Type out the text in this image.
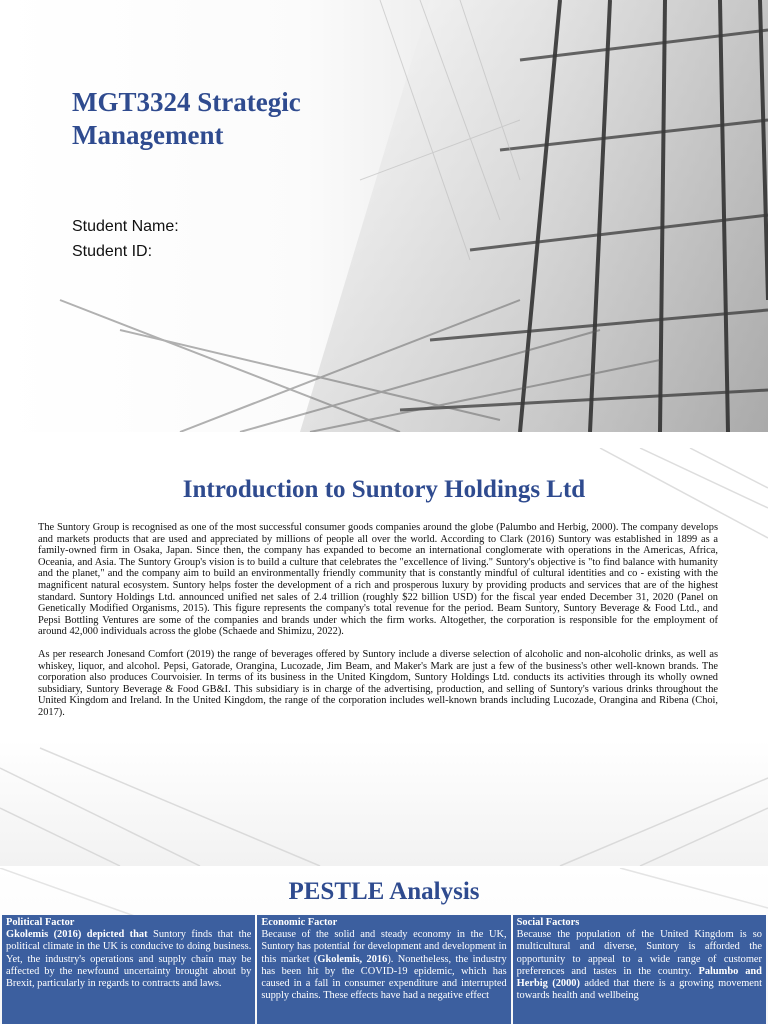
MGT3324 Strategic Management
Student Name:
Student ID:
Introduction to Suntory Holdings Ltd

The Suntory Group is recognised as one of the most successful consumer goods companies around the globe (Palumbo and Herbig, 2000). The company develops and markets products that are used and appreciated by millions of people all over the world. According to Clark (2016) Suntory was established in 1899 as a family-owned firm in Osaka, Japan. Since then, the company has expanded to become an international conglomerate with operations in the Americas, Africa, Oceania, and Asia. The Suntory Group's vision is to build a culture that celebrates the "excellence of living." Suntory's objective is "to find balance with humanity and the planet," and the company aim to build an environmentally friendly community that is constantly mindful of cultural identities and co - existing with the magnificent natural ecosystem. Suntory helps foster the development of a rich and prosperous luxury by providing products and services that are of the highest standard. Suntory Holdings Ltd. announced unified net sales of 2.4 trillion (roughly $22 billion USD) for the fiscal year ended December 31, 2020 (Panel on Genetically Modified Organisms, 2015). This figure represents the company's total revenue for the period. Beam Suntory, Suntory Beverage & Food Ltd., and Pepsi Bottling Ventures are some of the companies and brands under which the firm works. Altogether, the corporation is responsible for the employment of around 42,000 individuals across the globe (Schaede and Shimizu, 2022).

As per research Jonesand Comfort (2019) the range of beverages offered by Suntory include a diverse selection of alcoholic and non-alcoholic drinks, as well as whiskey, liquor, and alcohol. Pepsi, Gatorade, Orangina, Lucozade, Jim Beam, and Maker's Mark are just a few of the business's other well-known brands. The corporation also produces Courvoisier. In terms of its business in the United Kingdom, Suntory Holdings Ltd. conducts its activities through its wholly owned subsidiary, Suntory Beverage & Food GB&I. This subsidiary is in charge of the advertising, production, and selling of Suntory's various drinks throughout the United Kingdom and Ireland. In the United Kingdom, the range of the corporation includes well-known brands including Lucozade, Orangina and Ribena (Choi, 2017).

PESTLE Analysis
Political Factor
Gkolemis (2016) depicted that Suntory finds that the political climate in the UK is conducive to doing business. Yet, the industry's operations and supply chain may be affected by the newfound uncertainty brought about by Brexit, particularly in regards to contracts and laws.
Economic Factor
Because of the solid and steady economy in the UK, Suntory has potential for development and development in this market (Gkolemis, 2016). Nonetheless, the industry has been hit by the COVID-19 epidemic, which has caused in a fall in consumer expenditure and interrupted supply chains. These effects have had a negative effect
Social Factors
Because the population of the United Kingdom is so multicultural and diverse, Suntory is afforded the opportunity to appeal to a wide range of customer preferences and tastes in the country. Palumbo and Herbig (2000) added that there is a growing movement towards health and wellbeing
